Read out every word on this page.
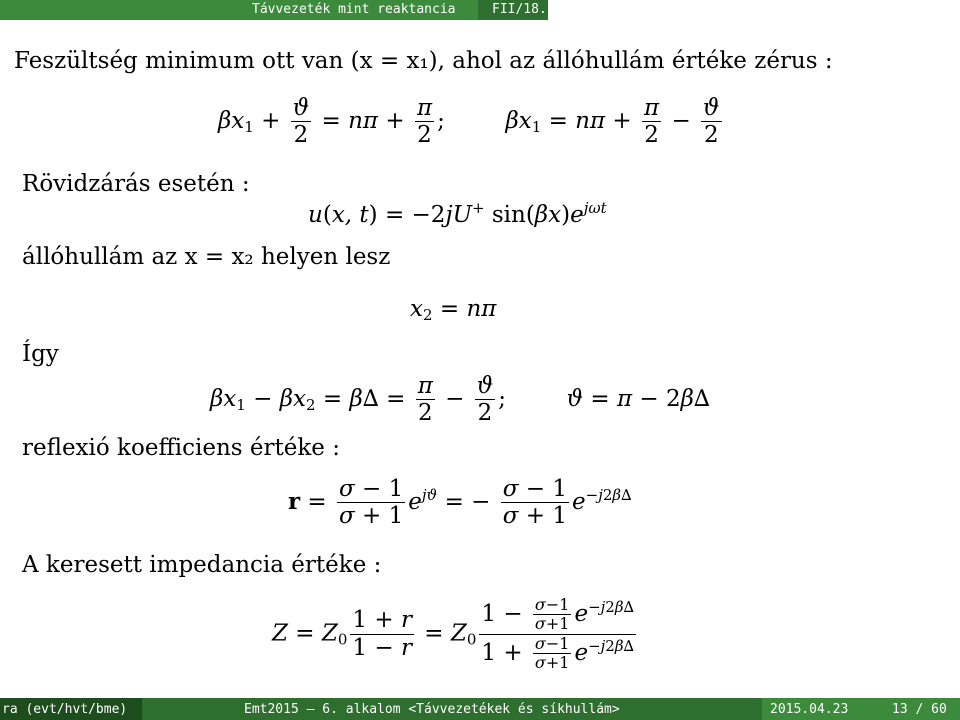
Távvezeték mint reaktancia	FII/18.
Feszültség minimum ott van (x = x₁), ahol az állóhullám értéke zérus :
$\beta x_1 + \frac{ϑ}{2} = n\pi + \frac{\pi}{2}$ ;  $\beta x_1 = n\pi + \frac{\pi}{2} - \frac{ϑ}{2}$
Rövidzárás esetén :
u(x, t) = −2jU+ $\sin(\beta x)e^{j\omega t}$
állóhullám az x = x₂ helyen lesz
$x_2 = n\pi$
Így
$\beta x_1 - \beta x_2 = \beta\Delta = \frac{\pi}{2} - \frac{ϑ}{2}$ ;  ϑ = π − 2β∆
reflexió koefficiens értéke :
$r = \frac{\sigma - 1}{\sigma + 1} e^{jϑ}$ = − $\frac{\sigma - 1}{\sigma + 1} e^{-j2\beta\Delta}$
A keresett impedancia értéke :
$Z = Z_0 \frac{1 + r}{1 - r} = Z_0 \frac{1 - \frac{\sigma-1}{\sigma+1} e^{-j2\beta\Delta}}{1 + \frac{\sigma-1}{\sigma+1} e^{-j2\beta\Delta}}$
ra (evt/hvt/bme)	Emt2015 – 6. alkalom <Távvezetékek és síkhullám>	2015.04.23	13 / 60
